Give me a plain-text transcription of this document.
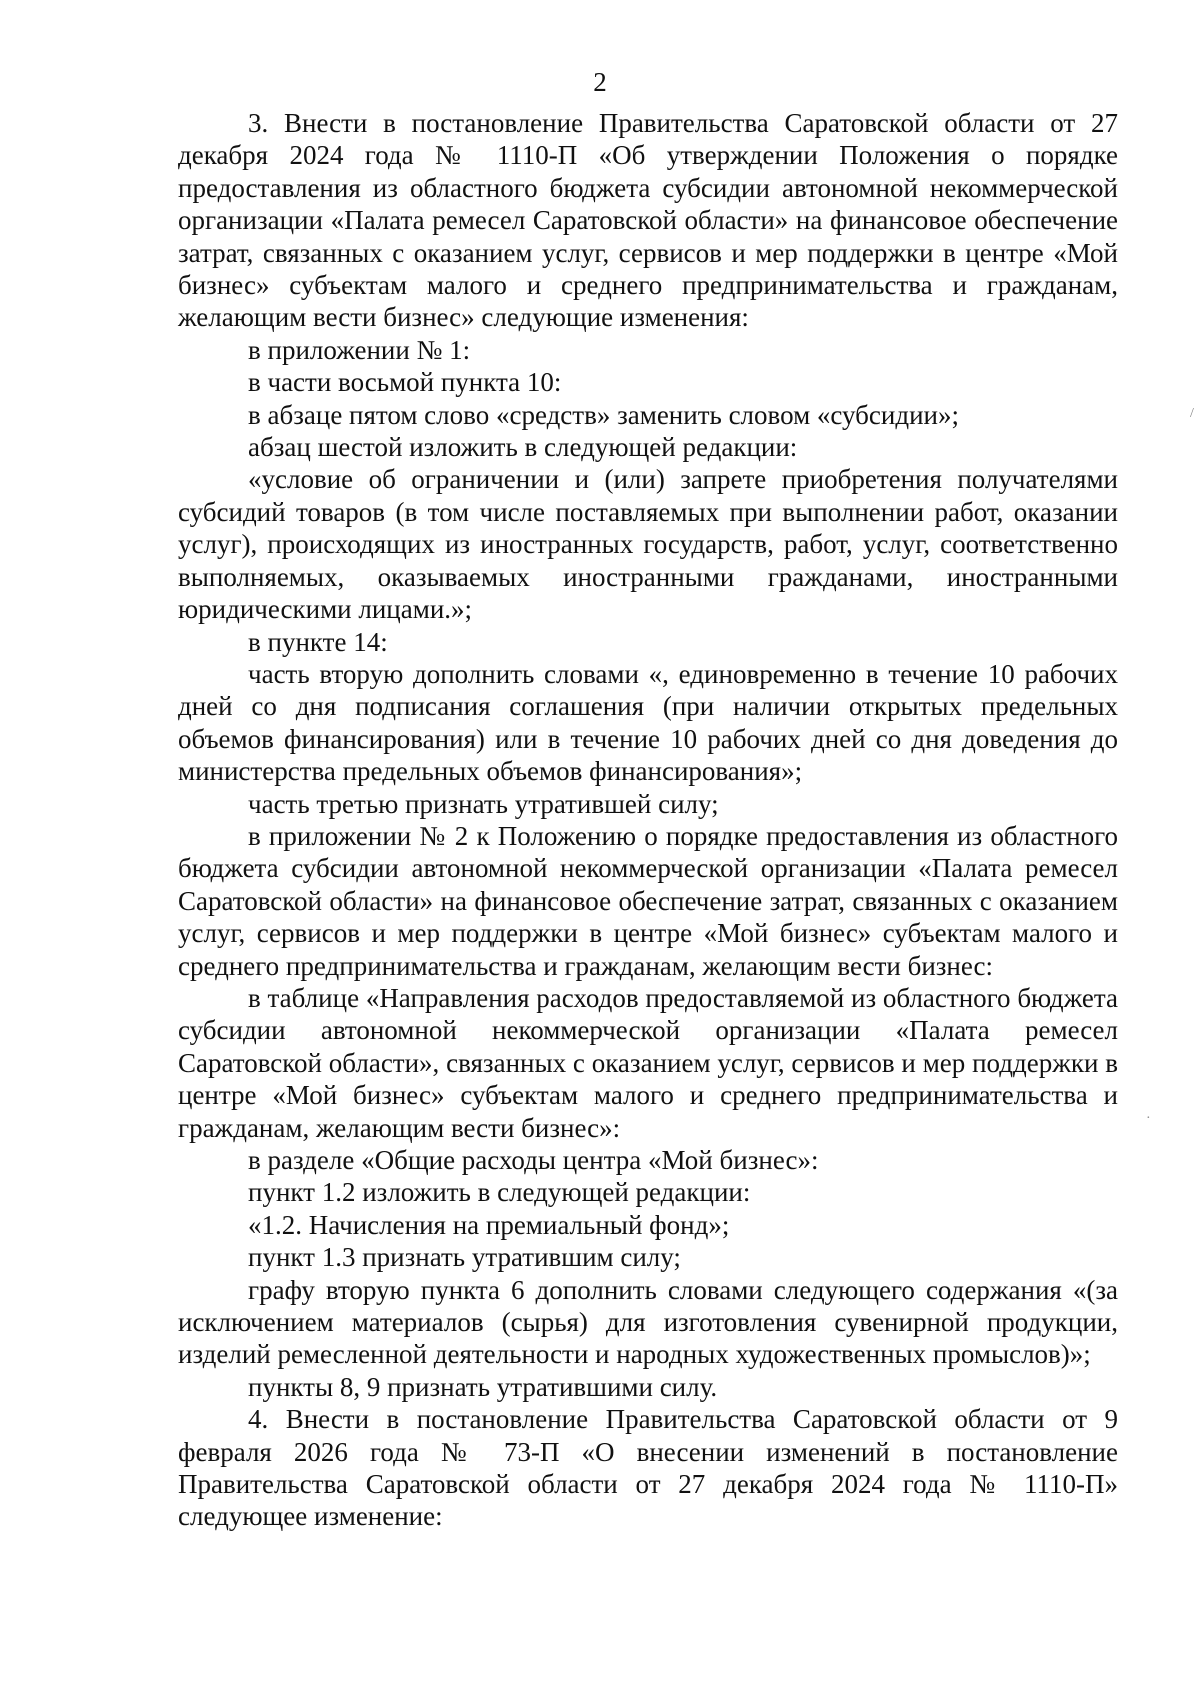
2

3. Внести в постановление Правительства Саратовской области от 27 декабря 2024 года № 1110-П «Об утверждении Положения о порядке предоставления из областного бюджета субсидии автономной некоммерческой организации «Палата ремесел Саратовской области» на финансовое обеспечение затрат, связанных с оказанием услуг, сервисов и мер поддержки в центре «Мой бизнес» субъектам малого и среднего предпринимательства и гражданам, желающим вести бизнес» следующие изменения:

в приложении № 1:

в части восьмой пункта 10:

в абзаце пятом слово «средств» заменить словом «субсидии»;

абзац шестой изложить в следующей редакции:

«условие об ограничении и (или) запрете приобретения получателями субсидий товаров (в том числе поставляемых при выполнении работ, оказании услуг), происходящих из иностранных государств, работ, услуг, соответственно выполняемых, оказываемых иностранными гражданами, иностранными юридическими лицами.»;

в пункте 14:

часть вторую дополнить словами «, единовременно в течение 10 рабочих дней со дня подписания соглашения (при наличии открытых предельных объемов финансирования) или в течение 10 рабочих дней со дня доведения до министерства предельных объемов финансирования»;

часть третью признать утратившей силу;

в приложении № 2 к Положению о порядке предоставления из областного бюджета субсидии автономной некоммерческой организации «Палата ремесел Саратовской области» на финансовое обеспечение затрат, связанных с оказанием услуг, сервисов и мер поддержки в центре «Мой бизнес» субъектам малого и среднего предпринимательства и гражданам, желающим вести бизнес:

в таблице «Направления расходов предоставляемой из областного бюджета субсидии автономной некоммерческой организации «Палата ремесел Саратовской области», связанных с оказанием услуг, сервисов и мер поддержки в центре «Мой бизнес» субъектам малого и среднего предпринимательства и гражданам, желающим вести бизнес»:

в разделе «Общие расходы центра «Мой бизнес»:

пункт 1.2 изложить в следующей редакции:

«1.2. Начисления на премиальный фонд»;

пункт 1.3 признать утратившим силу;

графу вторую пункта 6 дополнить словами следующего содержания «(за исключением материалов (сырья) для изготовления сувенирной продукции, изделий ремесленной деятельности и народных художественных промыслов)»;

пункты 8, 9 признать утратившими силу.

4. Внести в постановление Правительства Саратовской области от 9 февраля 2026 года № 73-П «О внесении изменений в постановление Правительства Саратовской области от 27 декабря 2024 года № 1110-П» следующее изменение:

/
·
